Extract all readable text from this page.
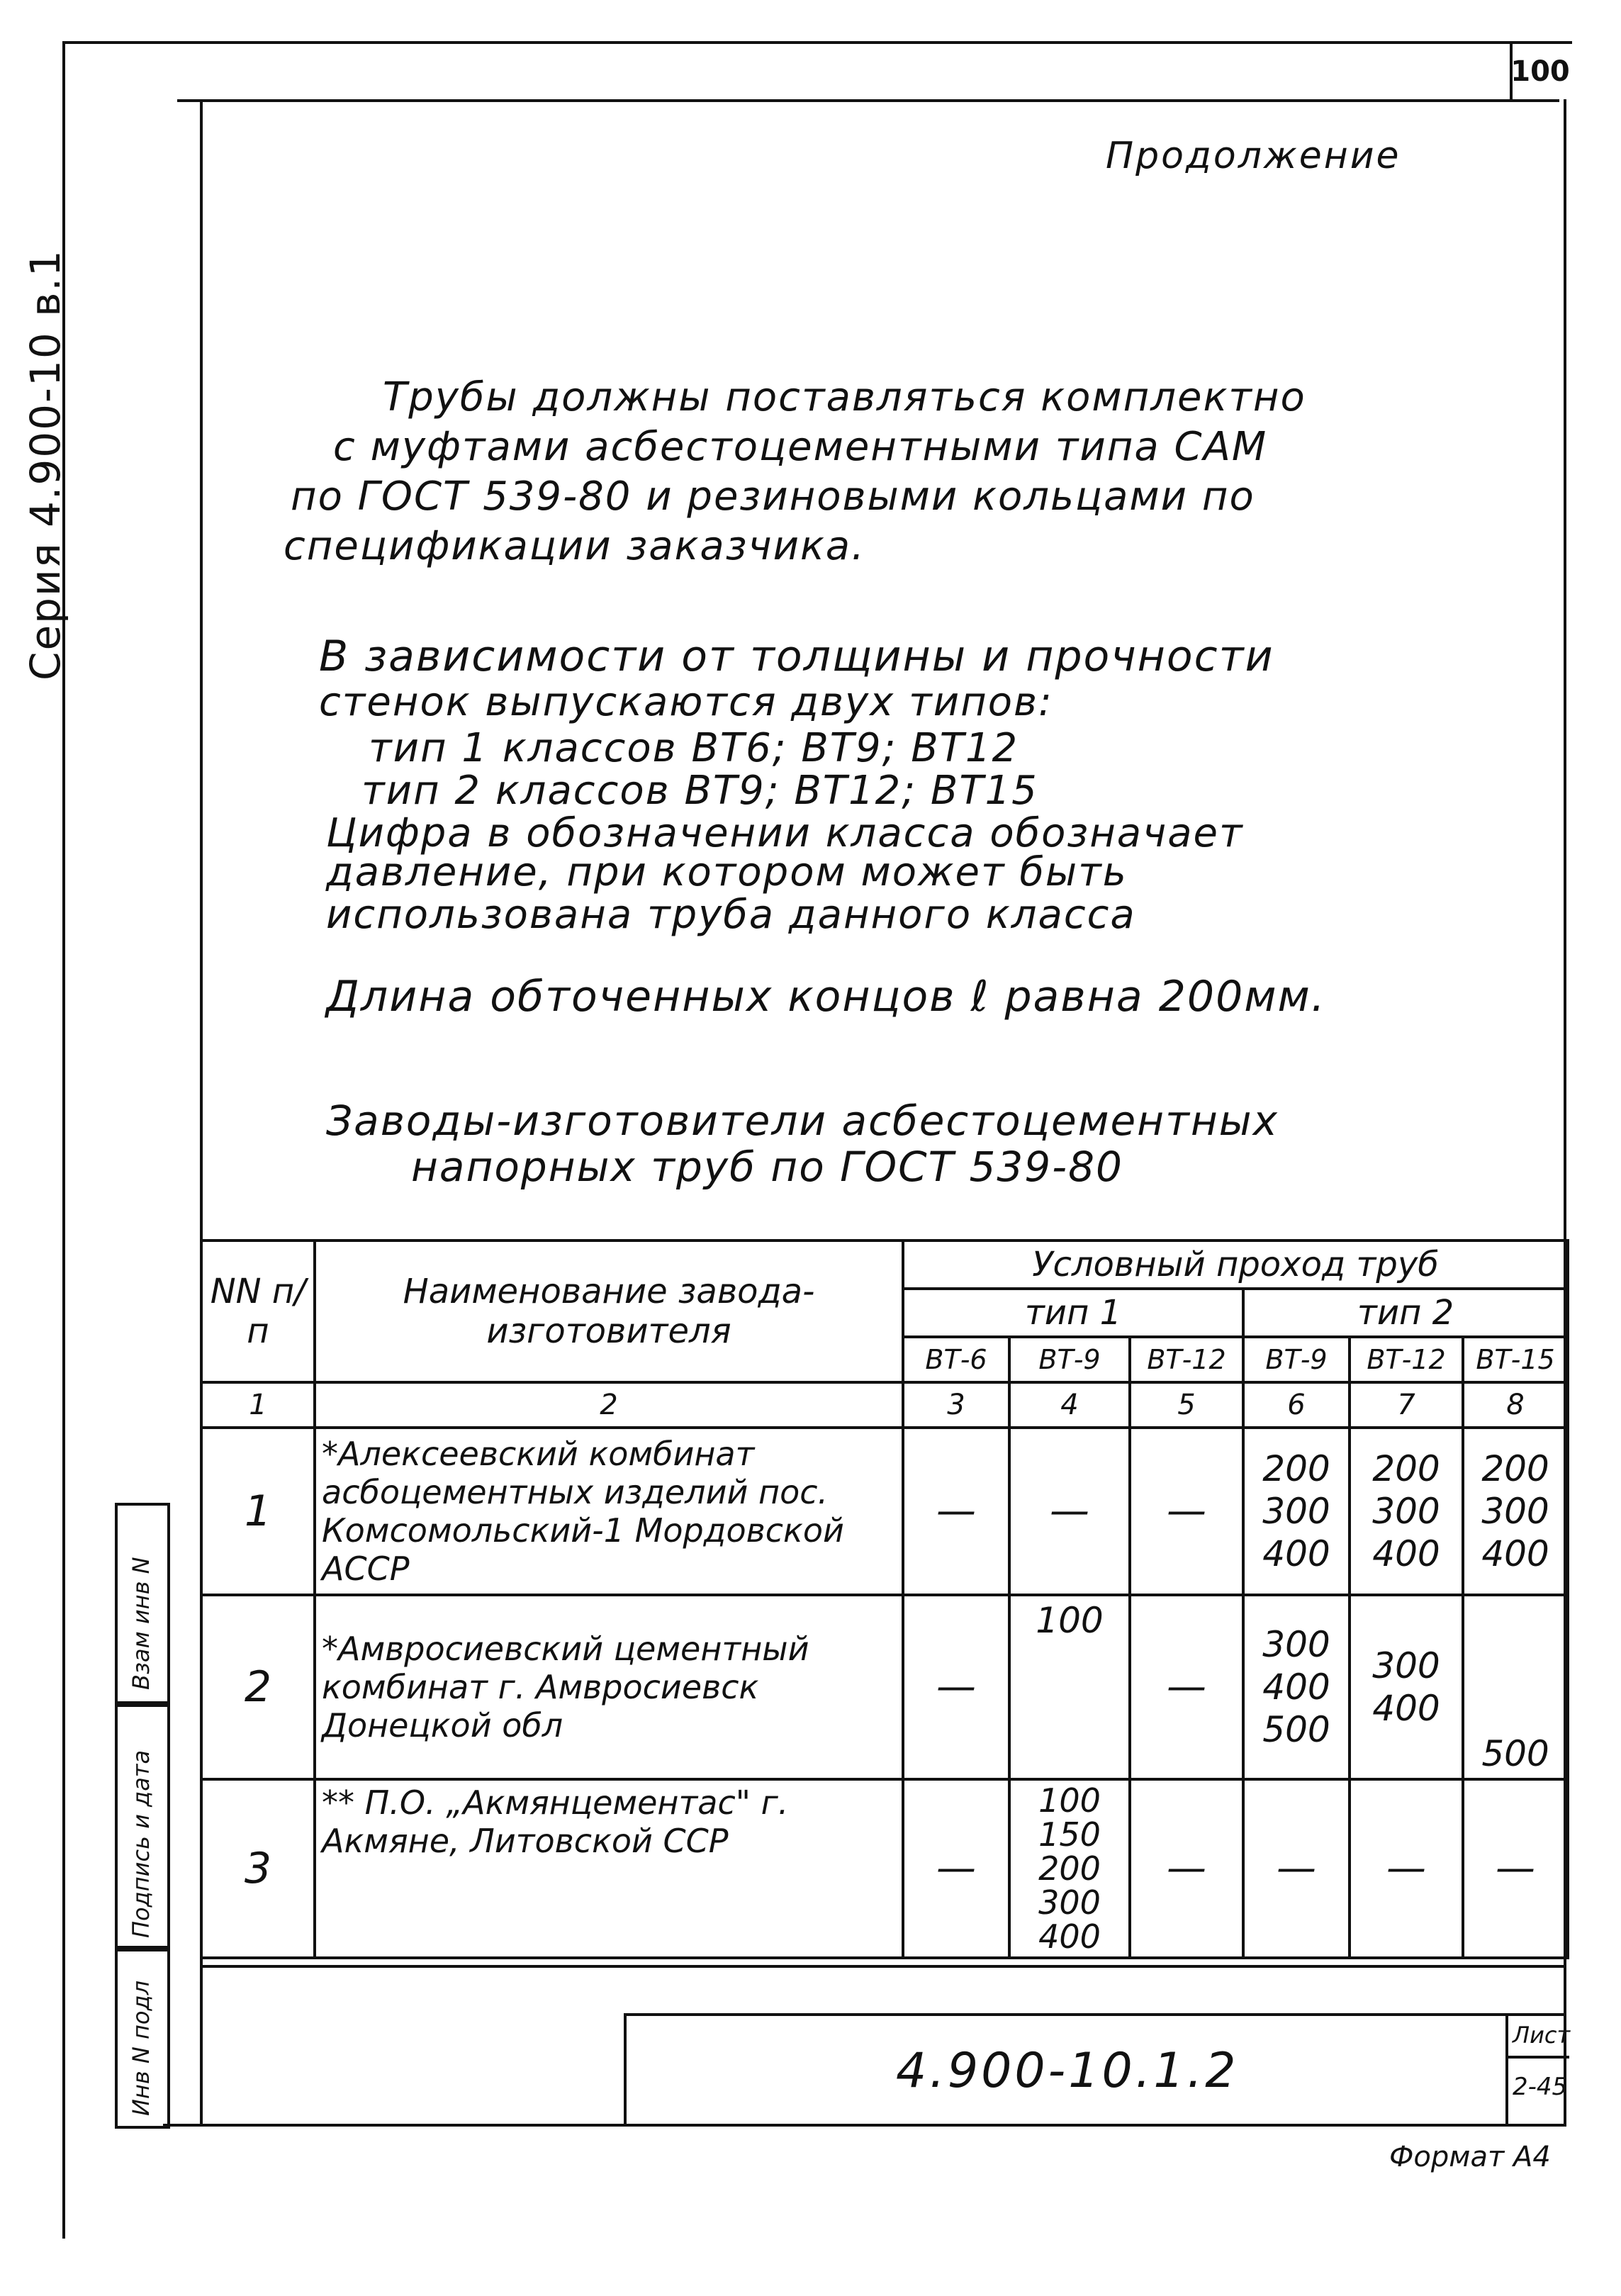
100
Серия 4.900-10 в.1
Продолжение
Трубы должны поставляться комплектно
с муфтами асбестоцементными типа САМ
по ГОСТ 539-80 и резиновыми кольцами по
спецификации заказчика.
В зависимости от толщины и прочности
стенок выпускаются двух типов:
тип 1 классов ВТ6; ВТ9; ВТ12
тип 2 классов ВТ9; ВТ12; ВТ15
Цифра в обозначении класса обозначает
давление, при котором может быть
использована труба данного класса
Длина обточенных концов ℓ равна 200мм.
Заводы-изготовители асбестоцементных
напорных труб по ГОСТ 539-80
NN п/п	Наименование завода-изготовителя	Условный проход труб					
		тип 1			тип 2		
		ВТ-6	ВТ-9	ВТ-12	ВТ-9	ВТ-12	ВТ-15
1	2	3	4	5	6	7	8
1	*Алексеевский комбинат асбоцементных изделий пос. Комсомольский-1 Мордовской АССР	—	—	—	200 300 400	200 300 400	200 300 400
2	*Амвросиевский цементный комбинат г. Амвросиевск Донецкой обл	—	100	—	300 400 500	300 400	500
3	** П.О. „Акмянцементас" г. Акмяне, Литовской ССР	—	100 150 200 300 400	—	—	—	—
Инв N подл
Подпись и дата
Взам инв N
4.900-10.1.2
Лист
2-45
Формат А4
